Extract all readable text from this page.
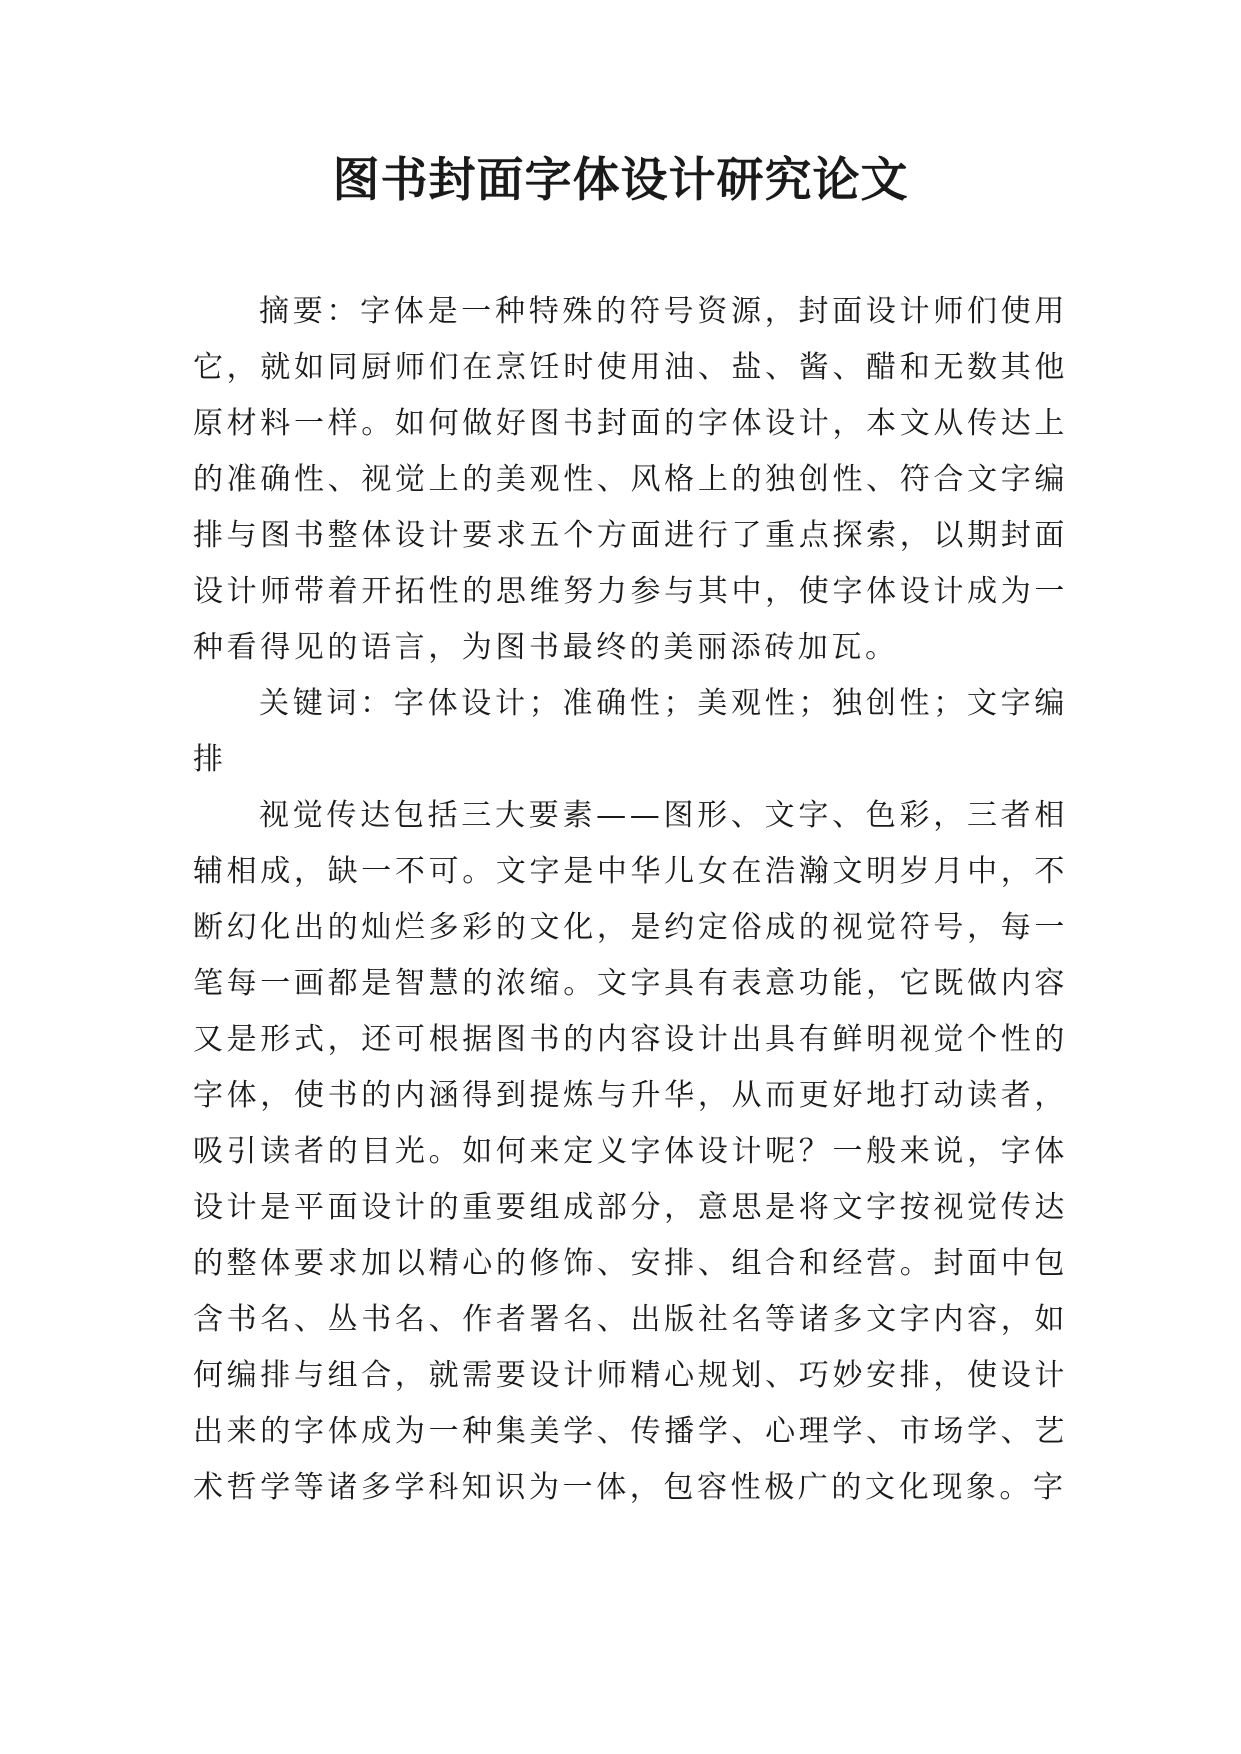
图书封面字体设计研究论文

摘要：字体是一种特殊的符号资源，封面设计师们使用它，就如同厨师们在烹饪时使用油、盐、酱、醋和无数其他原材料一样。如何做好图书封面的字体设计，本文从传达上的准确性、视觉上的美观性、风格上的独创性、符合文字编排与图书整体设计要求五个方面进行了重点探索，以期封面设计师带着开拓性的思维努力参与其中，使字体设计成为一种看得见的语言，为图书最终的美丽添砖加瓦。

关键词：字体设计；准确性；美观性；独创性；文字编排

视觉传达包括三大要素——图形、文字、色彩，三者相辅相成，缺一不可。文字是中华儿女在浩瀚文明岁月中，不断幻化出的灿烂多彩的文化，是约定俗成的视觉符号，每一笔每一画都是智慧的浓缩。文字具有表意功能，它既做内容又是形式，还可根据图书的内容设计出具有鲜明视觉个性的字体，使书的内涵得到提炼与升华，从而更好地打动读者，吸引读者的目光。如何来定义字体设计呢？一般来说，字体设计是平面设计的重要组成部分，意思是将文字按视觉传达的整体要求加以精心的修饰、安排、组合和经营。封面中包含书名、丛书名、作者署名、出版社名等诸多文字内容，如何编排与组合，就需要设计师精心规划、巧妙安排，使设计出来的字体成为一种集美学、传播学、心理学、市场学、艺术哲学等诸多学科知识为一体，包容性极广的文化现象。字
